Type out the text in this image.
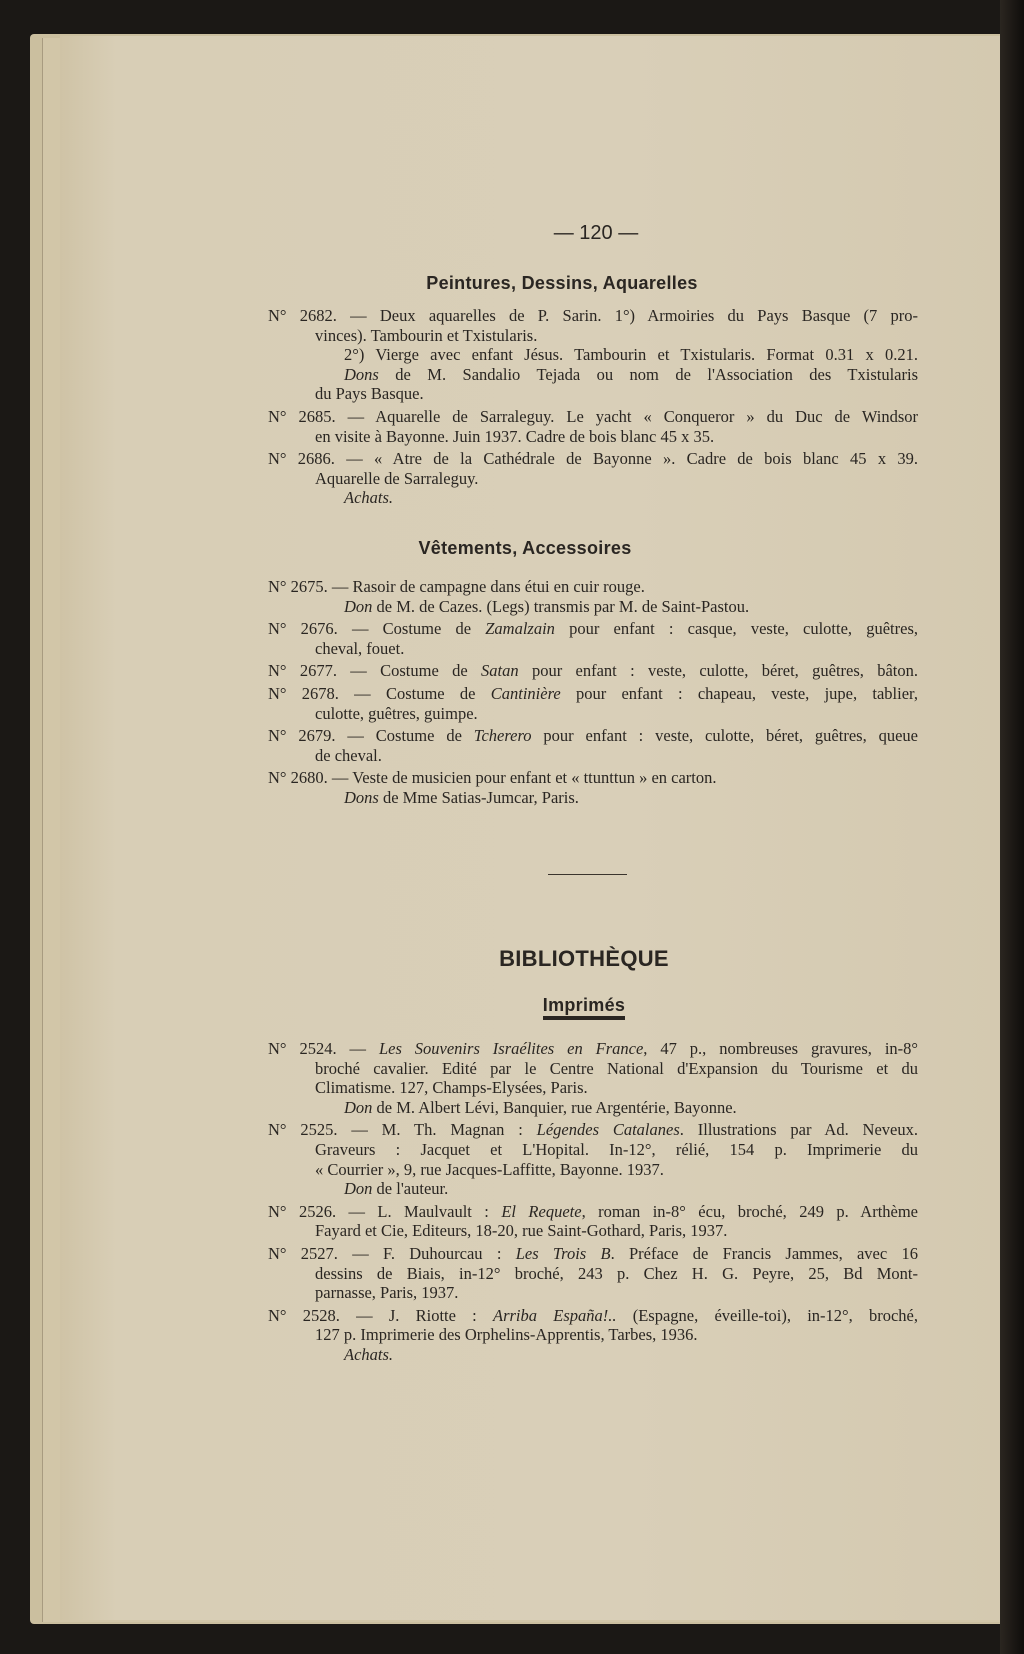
— 120 —
Peintures, Dessins, Aquarelles
N° 2682. — Deux aquarelles de P. Sarin. 1°) Armoiries du Pays Basque (7 pro-
vinces). Tambourin et Txistularis.
2°) Vierge avec enfant Jésus. Tambourin et Txistularis. Format 0.31 x 0.21.
Dons de M. Sandalio Tejada ou nom de l'Association des Txistularis
du Pays Basque.
N° 2685. — Aquarelle de Sarraleguy. Le yacht « Conqueror » du Duc de Windsor
en visite à Bayonne. Juin 1937. Cadre de bois blanc 45 x 35.
N° 2686. — « Atre de la Cathédrale de Bayonne ». Cadre de bois blanc 45 x 39.
Aquarelle de Sarraleguy.
Achats.
Vêtements, Accessoires
N° 2675. — Rasoir de campagne dans étui en cuir rouge.
Don de M. de Cazes. (Legs) transmis par M. de Saint-Pastou.
N° 2676. — Costume de Zamalzain pour enfant : casque, veste, culotte, guêtres,
cheval, fouet.
N° 2677. — Costume de Satan pour enfant : veste, culotte, béret, guêtres, bâton.
N° 2678. — Costume de Cantinière pour enfant : chapeau, veste, jupe, tablier,
culotte, guêtres, guimpe.
N° 2679. — Costume de Tcherero pour enfant : veste, culotte, béret, guêtres, queue
de cheval.
N° 2680. — Veste de musicien pour enfant et « ttunttun » en carton.
Dons de Mme Satias-Jumcar, Paris.
BIBLIOTHÈQUE
Imprimés
N° 2524. — Les Souvenirs Israélites en France, 47 p., nombreuses gravures, in-8°
broché cavalier. Edité par le Centre National d'Expansion du Tourisme et du
Climatisme. 127, Champs-Elysées, Paris.
Don de M. Albert Lévi, Banquier, rue Argentérie, Bayonne.
N° 2525. — M. Th. Magnan : Légendes Catalanes. Illustrations par Ad. Neveux.
Graveurs : Jacquet et L'Hopital. In-12°, rélié, 154 p. Imprimerie du
« Courrier », 9, rue Jacques-Laffitte, Bayonne. 1937.
Don de l'auteur.
N° 2526. — L. Maulvault : El Requete, roman in-8° écu, broché, 249 p. Arthème
Fayard et Cie, Editeurs, 18-20, rue Saint-Gothard, Paris, 1937.
N° 2527. — F. Duhourcau : Les Trois B. Préface de Francis Jammes, avec 16
dessins de Biais, in-12° broché, 243 p. Chez H. G. Peyre, 25, Bd Mont-
parnasse, Paris, 1937.
N° 2528. — J. Riotte : Arriba España!.. (Espagne, éveille-toi), in-12°, broché,
127 p. Imprimerie des Orphelins-Apprentis, Tarbes, 1936.
Achats.
